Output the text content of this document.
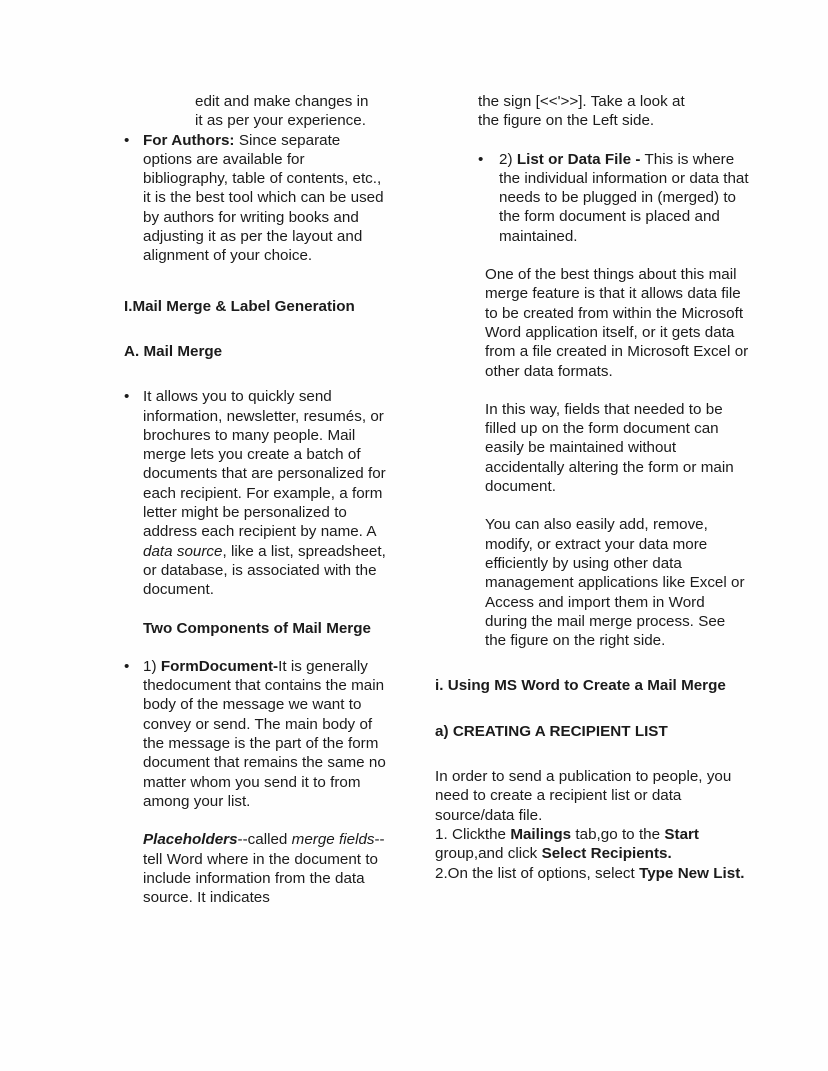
edit and make changes in
it as per your experience.
• For Authors: Since separate options are available for bibliography, table of contents, etc., it is the best tool which can be used by authors for writing books and adjusting it as per the layout and alignment of your choice.
I.Mail Merge & Label Generation
A. Mail Merge
• It allows you to quickly send information, newsletter, resumés, or brochures to many people. Mail merge lets you create a batch of documents that are personalized for each recipient. For example, a form letter might be personalized to address each recipient by name. A data source, like a list, spreadsheet, or database, is associated with the document.
Two Components of Mail Merge
• 1) FormDocument-It is generally thedocument that contains the main body of the message we want to convey or send. The main body of the message is the part of the form document that remains the same no matter whom you send it to from among your list.
Placeholders--called merge fields--tell Word where in the document to include information from the data source. It indicates
the sign [<<'>>]. Take a look at
the figure on the Left side.
•	2) List or Data File - This is where the individual information or data that needs to be plugged in (merged) to the form document is placed and maintained.
One of the best things about this mail merge feature is that it allows data file to be created from within the Microsoft Word application itself, or it gets data from a file created in Microsoft Excel or other data formats.
In this way, fields that needed to be filled up on the form document can easily be maintained without accidentally altering the form or main document.
You can also easily add, remove, modify, or extract your data more efficiently by using other data management applications like Excel or Access and import them in Word during the mail merge process. See the figure on the right side.
i. Using MS Word to Create a Mail Merge
a) CREATING A RECIPIENT LIST
In order to send a publication to people, you need to create a recipient list or data source/data file.
1. Clickthe Mailings tab,go to the Start group,and click Select Recipients.
2.On the list of options, select Type New List.
